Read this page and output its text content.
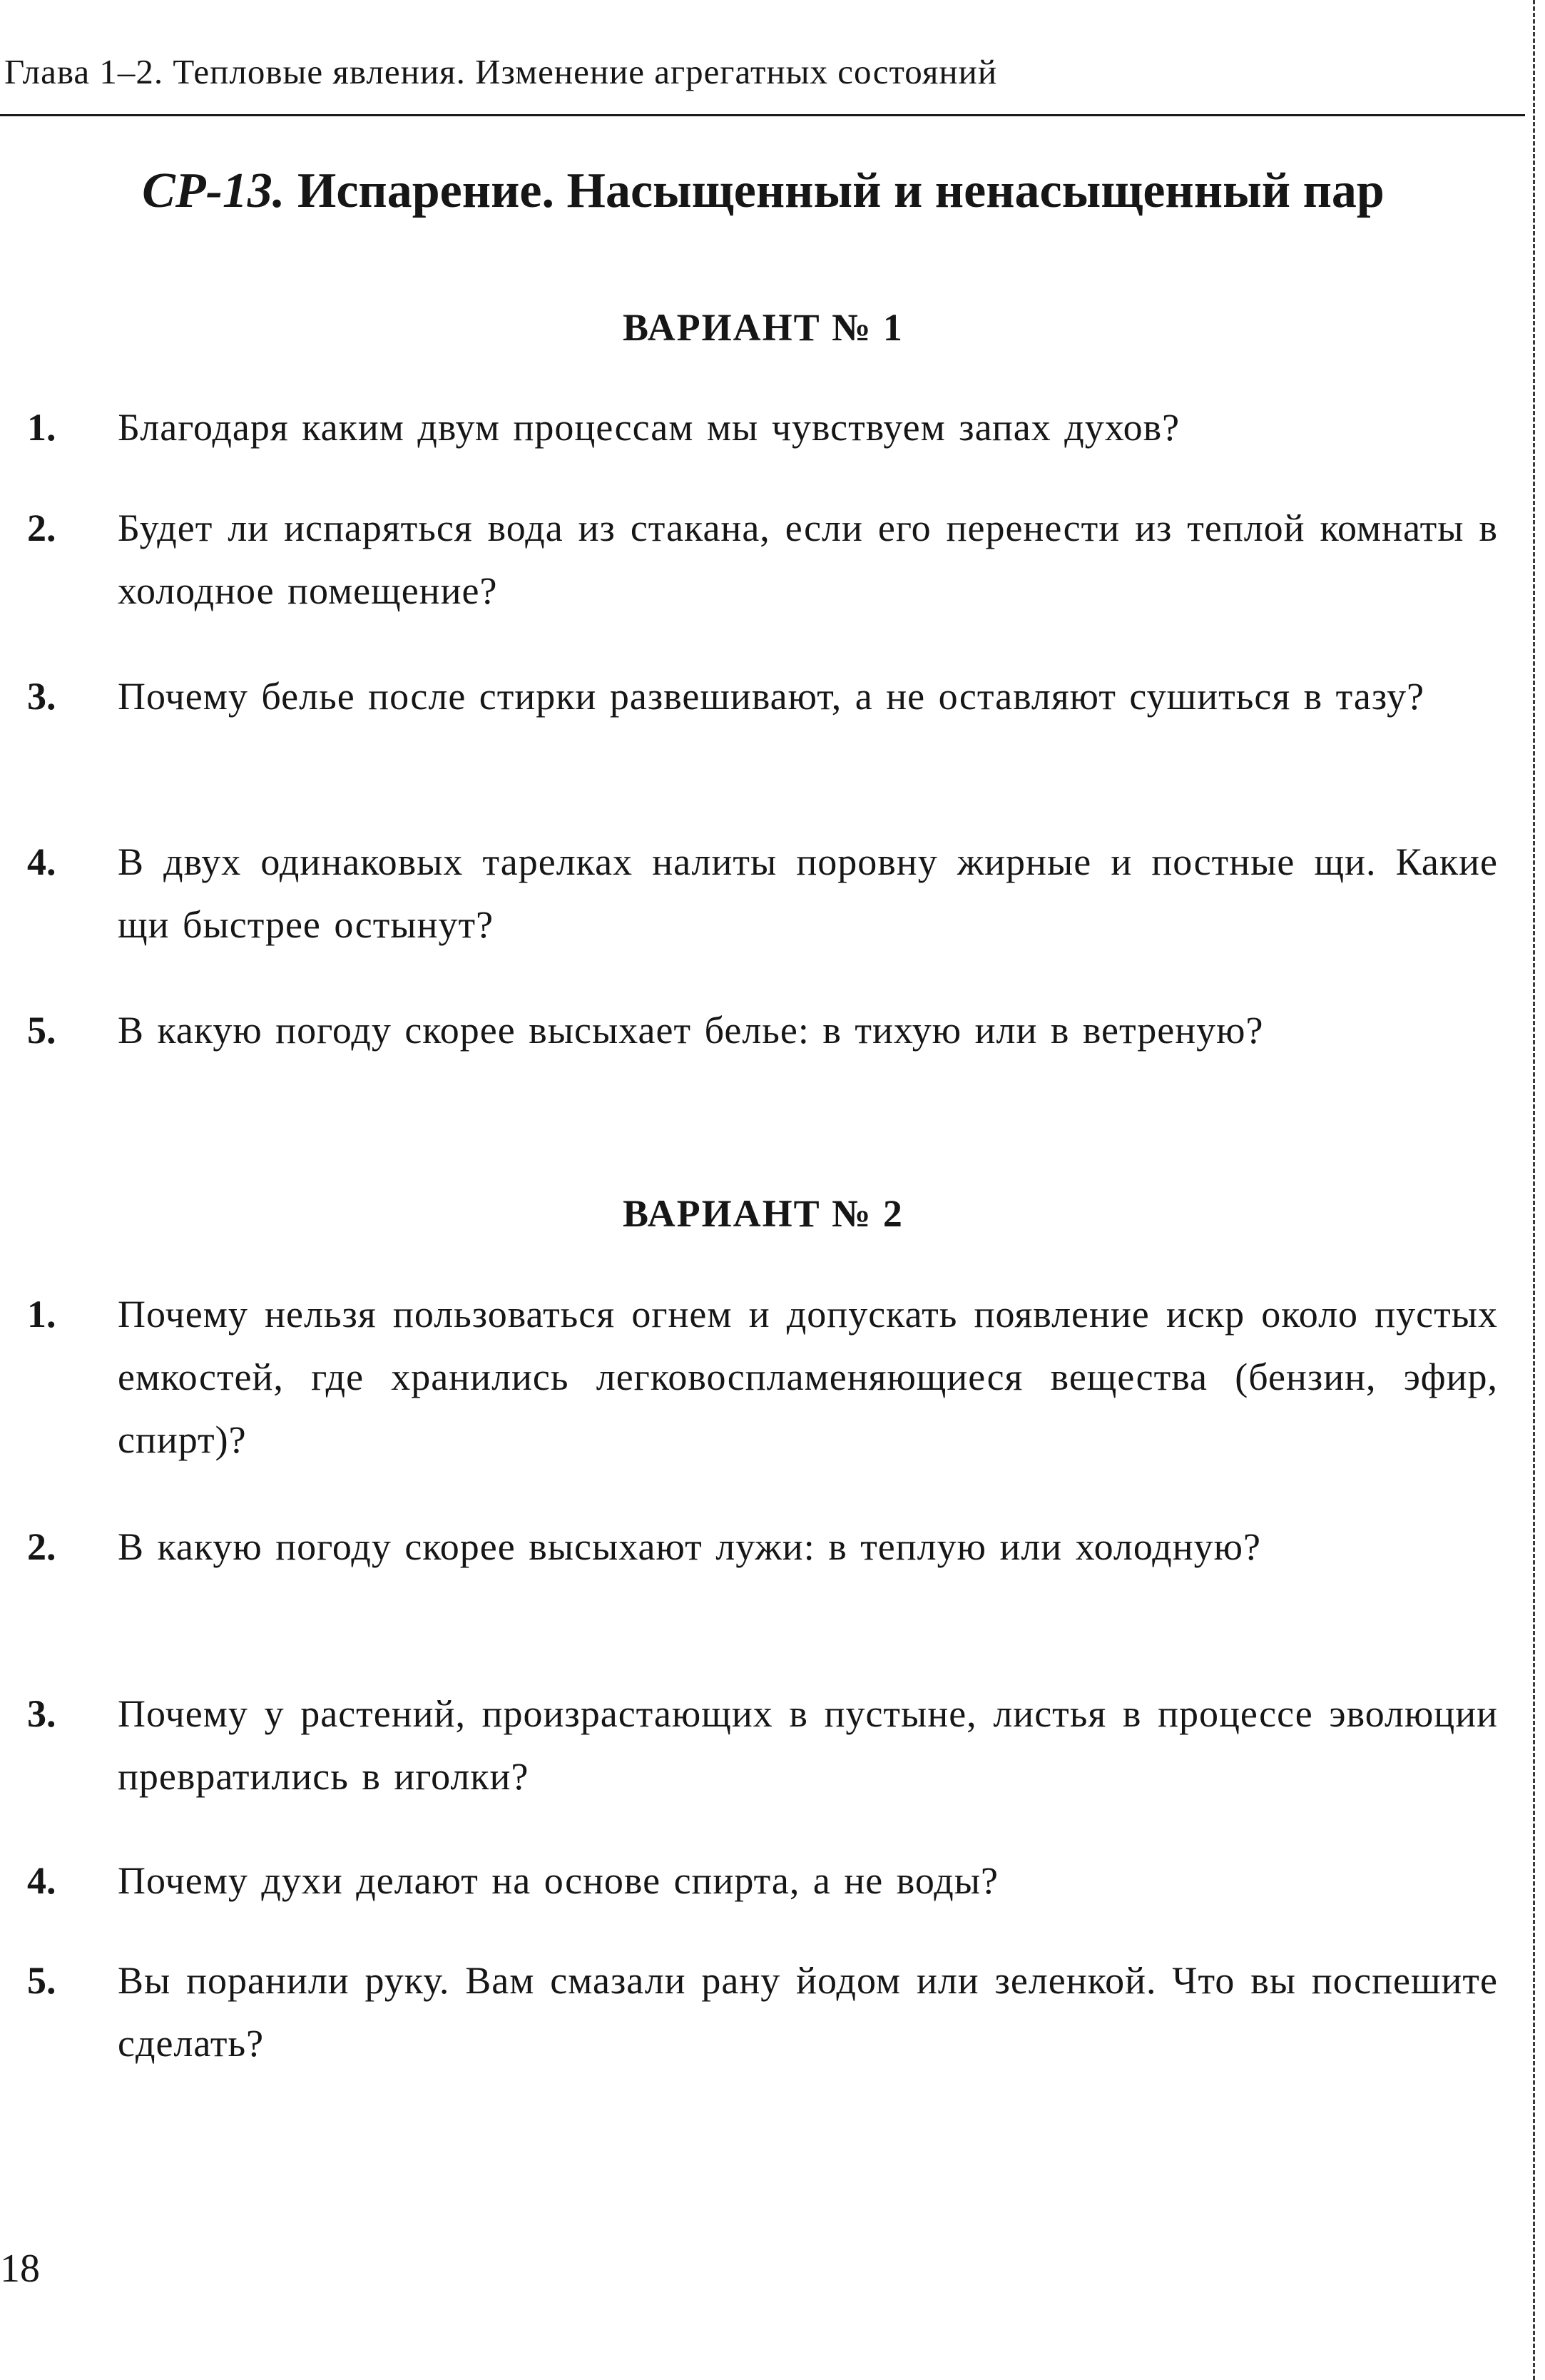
Глава 1–2. Тепловые явления. Изменение агрегатных состояний
СР-13. Испарение. Насыщенный и ненасыщенный пар
ВАРИАНТ № 1
1. Благодаря каким двум процессам мы чувствуем запах духов?
2. Будет ли испаряться вода из стакана, если его перенести из теплой комнаты в холодное помещение?
3. Почему белье после стирки развешивают, а не оставляют сушиться в тазу?
4. В двух одинаковых тарелках налиты поровну жирные и постные щи. Какие щи быстрее остынут?
5. В какую погоду скорее высыхает белье: в тихую или в ветреную?
ВАРИАНТ № 2
1. Почему нельзя пользоваться огнем и допускать появление искр около пустых емкостей, где хранились легковоспламеняющиеся вещества (бензин, эфир, спирт)?
2. В какую погоду скорее высыхают лужи: в теплую или холодную?
3. Почему у растений, произрастающих в пустыне, листья в процессе эволюции превратились в иголки?
4. Почему духи делают на основе спирта, а не воды?
5. Вы поранили руку. Вам смазали рану йодом или зеленкой. Что вы поспешите сделать?
18
